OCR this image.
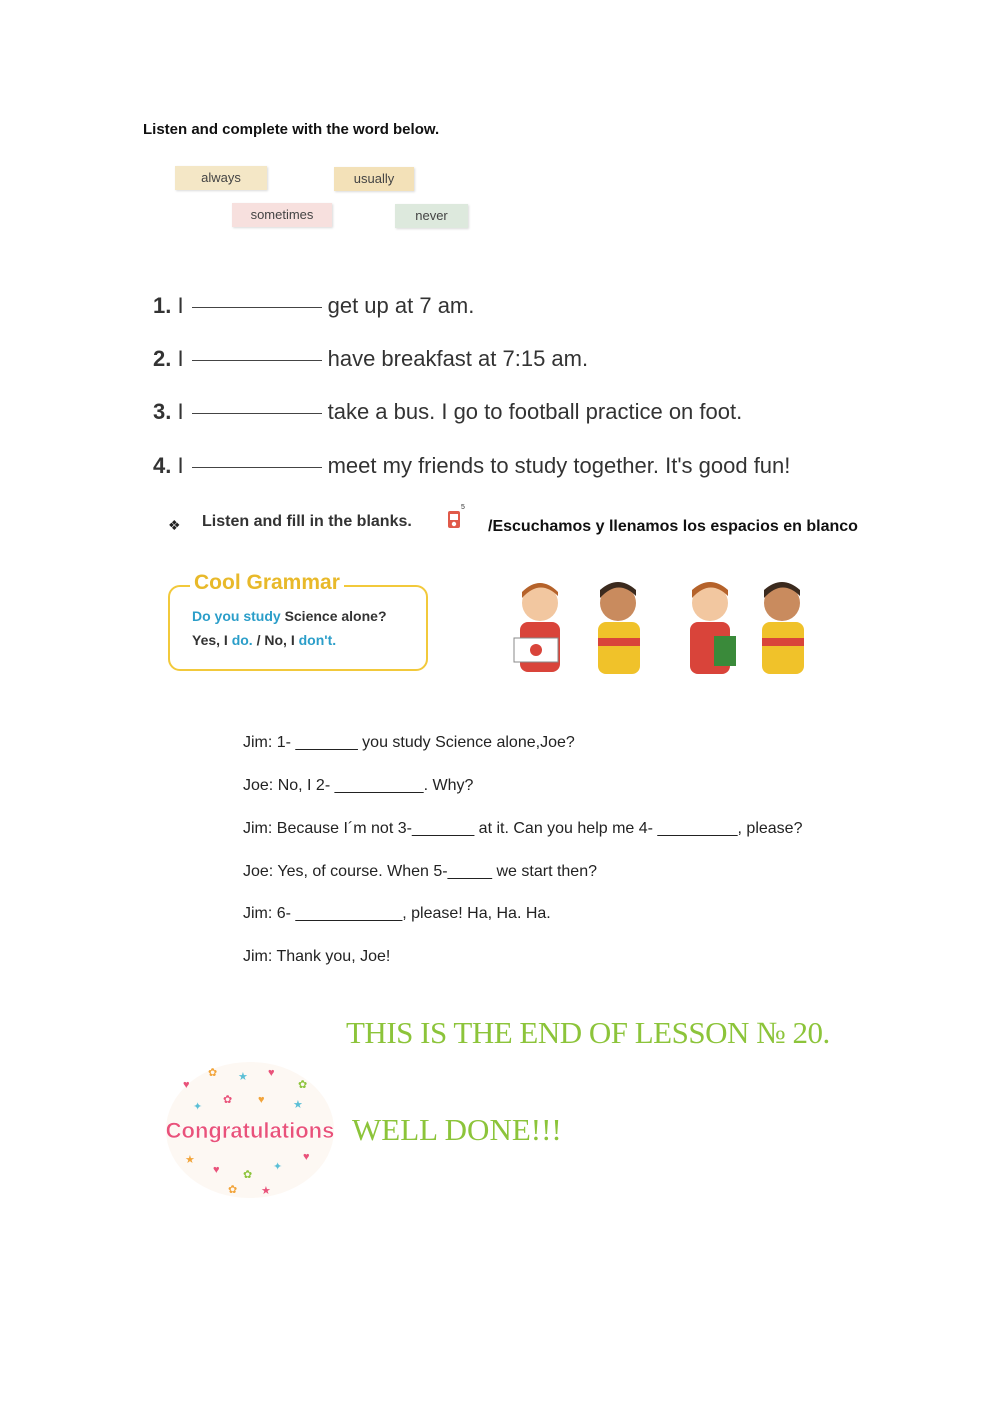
Listen and complete with the word below.
always	usually
sometimes	never
1. I	get up at 7 am.
2. I	have breakfast at 7:15 am.
3. I	take a bus. I go to football practice on foot.
4. I	meet my friends to study together. It's good fun!
❖ Listen and fill in the blanks.
5
/Escuchamos y llenamos los espacios en blanco
Cool Grammar
Do you study Science alone?
Yes, I do. / No, I don't.
Jim: 1- _______ you study Science alone,Joe?
Joe: No, I 2- __________. Why?
Jim: Because I´m not 3-_______ at it. Can you help me 4- _________, please?
Joe: Yes, of course. When 5-_____ we start then?
Jim: 6- ____________, please! Ha, Ha. Ha.
Jim: Thank you, Joe!
THIS IS THE END OF LESSON № 20.
WELL DONE!!!
♥
✿ ★ ♥
✿
✦
✿ ♥	★
★
♥ ✿
✦
♥
✿ ★
Congratulations
